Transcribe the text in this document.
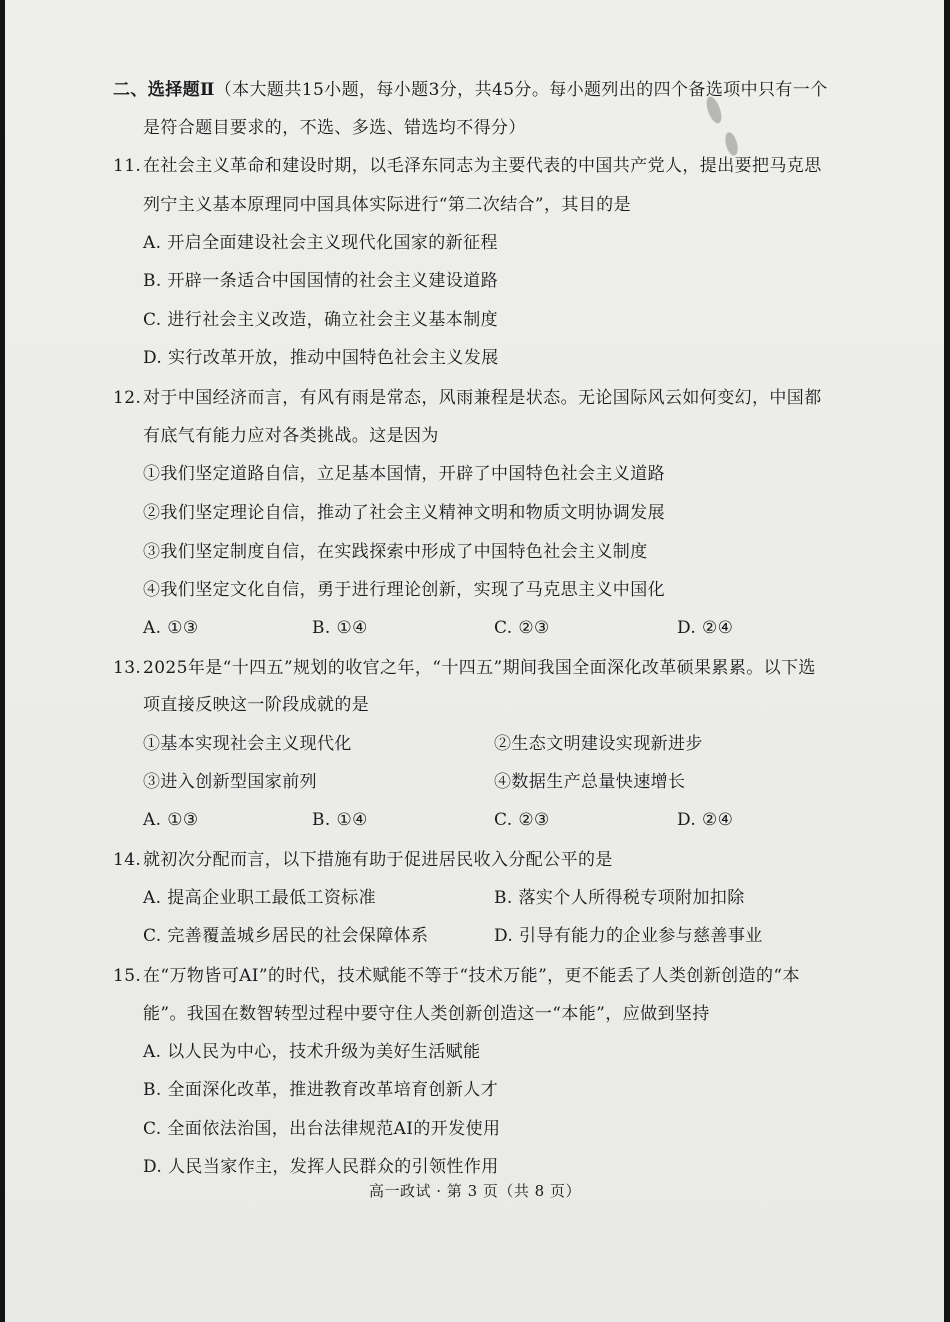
二、选择题Ⅱ（本大题共15小题，每小题3分，共45分。每小题列出的四个备选项中只有一个
是符合题目要求的，不选、多选、错选均不得分）
11. 在社会主义革命和建设时期，以毛泽东同志为主要代表的中国共产党人，提出要把马克思
列宁主义基本原理同中国具体实际进行“第二次结合”，其目的是
A. 开启全面建设社会主义现代化国家的新征程
B. 开辟一条适合中国国情的社会主义建设道路
C. 进行社会主义改造，确立社会主义基本制度
D. 实行改革开放，推动中国特色社会主义发展
12. 对于中国经济而言，有风有雨是常态，风雨兼程是状态。无论国际风云如何变幻，中国都
有底气有能力应对各类挑战。这是因为
①我们坚定道路自信，立足基本国情，开辟了中国特色社会主义道路
②我们坚定理论自信，推动了社会主义精神文明和物质文明协调发展
③我们坚定制度自信，在实践探索中形成了中国特色社会主义制度
④我们坚定文化自信，勇于进行理论创新，实现了马克思主义中国化
A. ①③	B. ①④	C. ②③	D. ②④
13. 2025年是“十四五”规划的收官之年，“十四五”期间我国全面深化改革硕果累累。以下选
项直接反映这一阶段成就的是
①基本实现社会主义现代化	②生态文明建设实现新进步
③进入创新型国家前列	④数据生产总量快速增长
A. ①③	B. ①④	C. ②③	D. ②④
14. 就初次分配而言，以下措施有助于促进居民收入分配公平的是
A. 提高企业职工最低工资标准	B. 落实个人所得税专项附加扣除
C. 完善覆盖城乡居民的社会保障体系	D. 引导有能力的企业参与慈善事业
15. 在“万物皆可AI”的时代，技术赋能不等于“技术万能”，更不能丢了人类创新创造的“本
能”。我国在数智转型过程中要守住人类创新创造这一“本能”，应做到坚持
A. 以人民为中心，技术升级为美好生活赋能
B. 全面深化改革，推进教育改革培育创新人才
C. 全面依法治国，出台法律规范AI的开发使用
D. 人民当家作主，发挥人民群众的引领性作用
高一政试 · 第 3 页（共 8 页）
